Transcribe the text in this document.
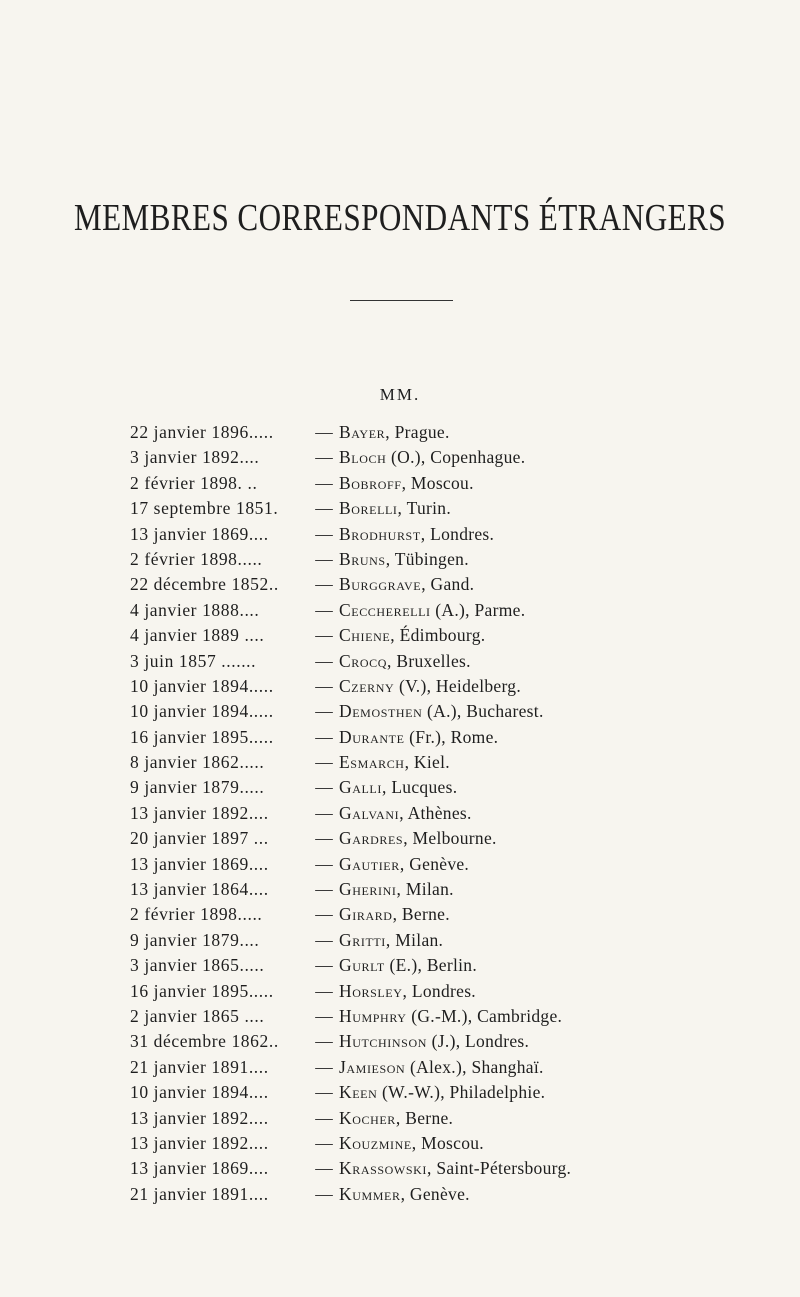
MEMBRES CORRESPONDANTS ÉTRANGERS
MM.
22 janvier 1896.....	— Bayer, Prague.
3 janvier 1892....	— Bloch (O.), Copenhague.
2 février 1898. ..	— Bobroff, Moscou.
17 septembre 1851.	— Borelli, Turin.
13 janvier 1869....	— Brodhurst, Londres.
2 février 1898.....	— Bruns, Tübingen.
22 décembre 1852..	— Burggrave, Gand.
4 janvier 1888....	— Ceccherelli (A.), Parme.
4 janvier 1889 ....	— Chiene, Édimbourg.
3 juin 1857 .......	— Crocq, Bruxelles.
10 janvier 1894.....	— Czerny (V.), Heidelberg.
10 janvier 1894.....	— Demosthen (A.), Bucharest.
16 janvier 1895.....	— Durante (Fr.), Rome.
8 janvier 1862.....	— Esmarch, Kiel.
9 janvier 1879.....	— Galli, Lucques.
13 janvier 1892....	— Galvani, Athènes.
20 janvier 1897 ...	— Gardres, Melbourne.
13 janvier 1869....	— Gautier, Genève.
13 janvier 1864....	— Gherini, Milan.
2 février 1898.....	— Girard, Berne.
9 janvier 1879....	— Gritti, Milan.
3 janvier 1865.....	— Gurlt (E.), Berlin.
16 janvier 1895.....	— Horsley, Londres.
2 janvier 1865 ....	— Humphry (G.-M.), Cambridge.
31 décembre 1862..	— Hutchinson (J.), Londres.
21 janvier 1891....	— Jamieson (Alex.), Shanghaï.
10 janvier 1894....	— Keen (W.-W.), Philadelphie.
13 janvier 1892....	— Kocher, Berne.
13 janvier 1892....	— Kouzmine, Moscou.
13 janvier 1869....	— Krassowski, Saint-Pétersbourg.
21 janvier 1891....	— Kummer, Genève.
